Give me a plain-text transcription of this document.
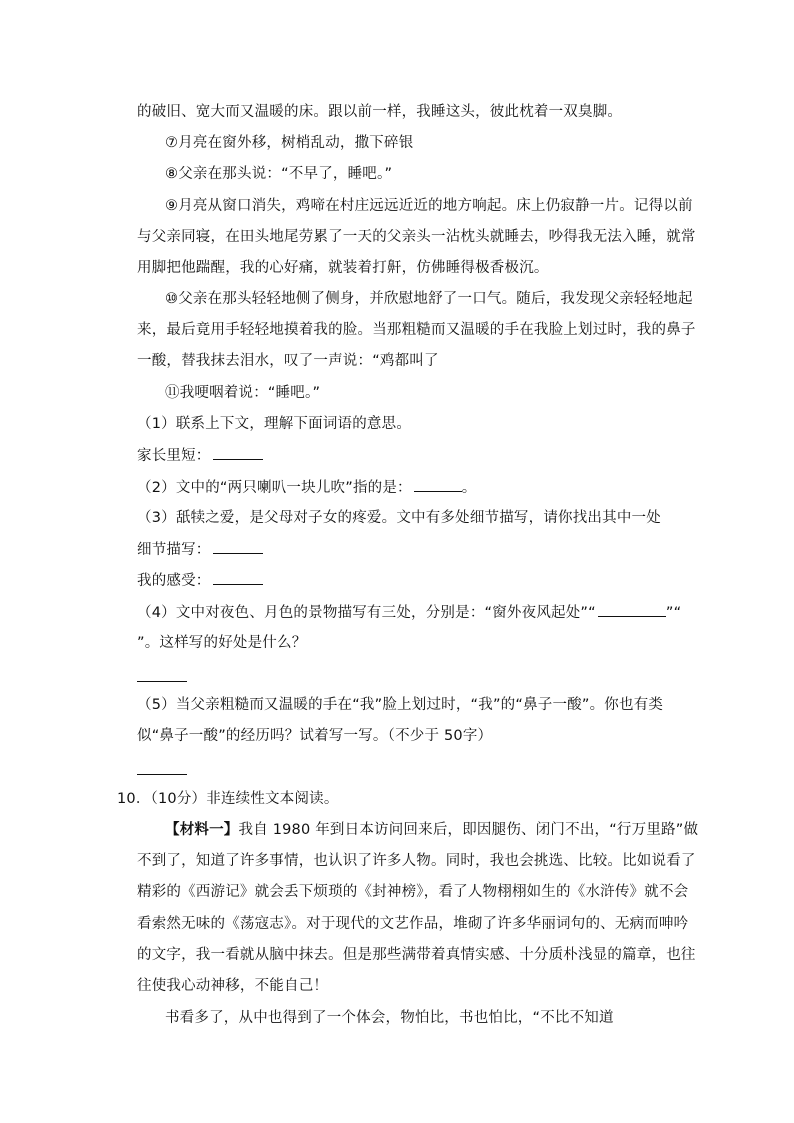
的破旧、宽大而又温暖的床。跟以前一样，我睡这头，彼此枕着一双臭脚。
⑦月亮在窗外移，树梢乱动，撒下碎银
⑧父亲在那头说：“不早了，睡吧。”
⑨月亮从窗口消失，鸡啼在村庄远远近近的地方响起。床上仍寂静一片。记得以前
与父亲同寝，在田头地尾劳累了一天的父亲头一沾枕头就睡去，吵得我无法入睡，就常
用脚把他踹醒，我的心好痛，就装着打鼾，仿佛睡得极香极沉。
⑩父亲在那头轻轻地侧了侧身，并欣慰地舒了一口气。随后，我发现父亲轻轻地起
来，最后竟用手轻轻地摸着我的脸。当那粗糙而又温暖的手在我脸上划过时，我的鼻子
一酸，替我抹去泪水，叹了一声说：“鸡都叫了
⑪我哽咽着说：“睡吧。”
（1）联系上下文，理解下面词语的意思。
家长里短：
（2）文中的“两只喇叭一块儿吹”指的是：	。
（3）舐犊之爱，是父母对子女的疼爱。文中有多处细节描写，请你找出其中一处
细节描写：
我的感受：
（4）文中对夜色、月色的景物描写有三处，分别是：“窗外夜风起处”“	”“
”。这样写的好处是什么？
（5）当父亲粗糙而又温暖的手在“我”脸上划过时，“我”的“鼻子一酸”。你也有类
似“鼻子一酸”的经历吗？试着写一写。（不少于 50字）
10．（10分）非连续性文本阅读。
【材料一】我自 1980 年到日本访问回来后，即因腿伤、闭门不出，“行万里路”做
不到了，知道了许多事情，也认识了许多人物。同时，我也会挑选、比较。比如说看了
精彩的《西游记》就会丢下烦琐的《封神榜》，看了人物栩栩如生的《水浒传》就不会
看索然无味的《荡寇志》。对于现代的文艺作品，堆砌了许多华丽词句的、无病而呻吟
的文字，我一看就从脑中抹去。但是那些满带着真情实感、十分质朴浅显的篇章，也往
往使我心动神移，不能自己！
书看多了，从中也得到了一个体会，物怕比，书也怕比，“不比不知道
